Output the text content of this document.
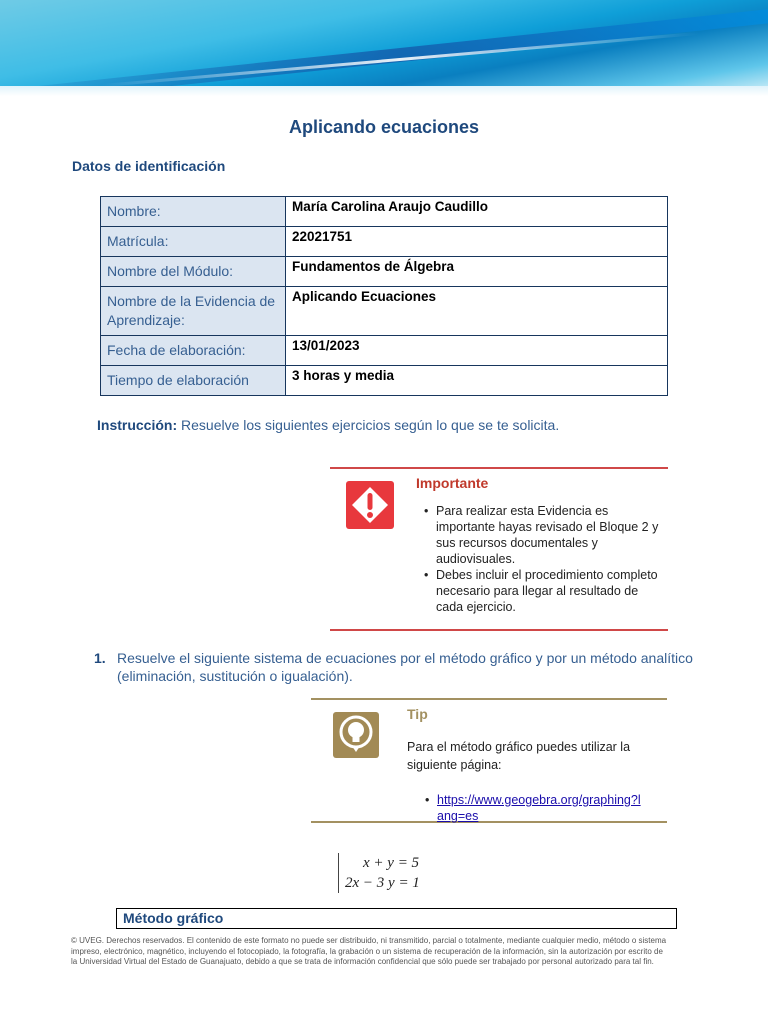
Aplicando ecuaciones
Datos de identificación
Nombre:	María Carolina Araujo Caudillo
Matrícula:	22021751
Nombre del Módulo:	Fundamentos de Álgebra
Nombre de la Evidencia de Aprendizaje:	Aplicando Ecuaciones
Fecha de elaboración:	13/01/2023
Tiempo de elaboración	3 horas y media
Instrucción: Resuelve los siguientes ejercicios según lo que se te solicita.
Importante
• Para realizar esta Evidencia es importante hayas revisado el Bloque 2 y sus recursos documentales y audiovisuales.
• Debes incluir el procedimiento completo necesario para llegar al resultado de cada ejercicio.
1. Resuelve el siguiente sistema de ecuaciones por el método gráfico y por un método analítico (eliminación, sustitución o igualación).
Tip
Para el método gráfico puedes utilizar la siguiente página:
• https://www.geogebra.org/graphing?lang=es
x + y = 5
2x − 3 y = 1
Método gráfico
© UVEG. Derechos reservados. El contenido de este formato no puede ser distribuido, ni transmitido, parcial o totalmente, mediante cualquier medio, método o sistema impreso, electrónico, magnético, incluyendo el fotocopiado, la fotografía, la grabación o un sistema de recuperación de la información, sin la autorización por escrito de la Universidad Virtual del Estado de Guanajuato, debido a que se trata de información confidencial que sólo puede ser trabajado por personal autorizado para tal fin.
